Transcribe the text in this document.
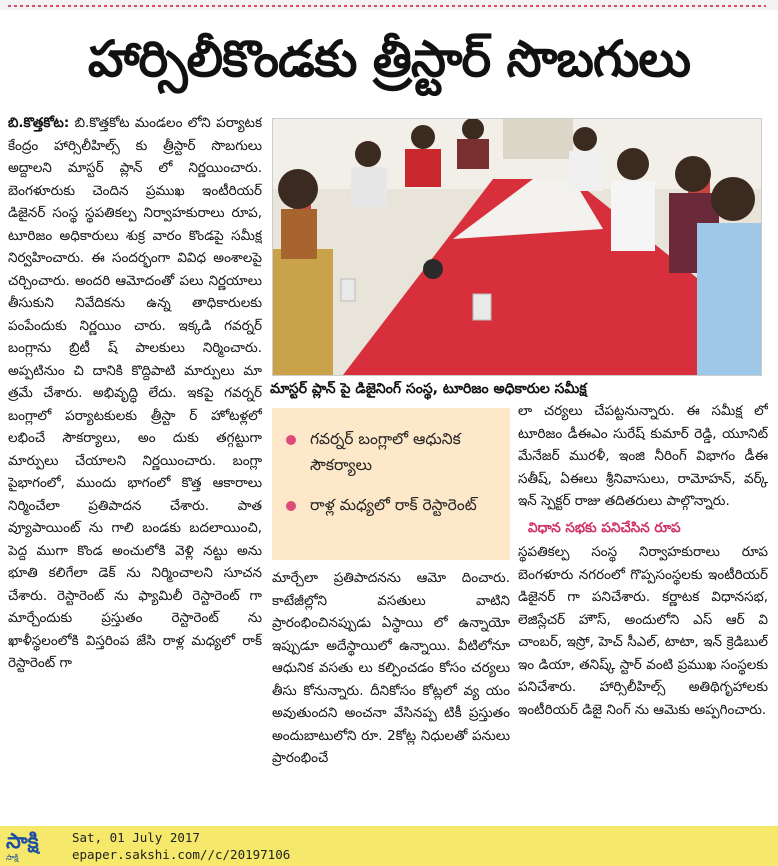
హార్సిలీకొండకు త్రీస్టార్ సొబగులు
బి.కొత్తకోట: బి.కొత్తకోట మండలం లోని పర్యాటక కేంద్రం హార్సిలీహిల్స్ కు త్రీస్టార్ సొబగులు అద్దాలని మాస్టర్ ప్లాన్ లో నిర్ణయించారు. బెంగళూరుకు చెందిన ప్రముఖ ఇంటీరియర్ డిజైనర్ సంస్థ స్థపతికల్ప నిర్వాహకురాలు రూప, టూరిజం అధికారులు శుక్ర వారం కొండపై సమీక్ష నిర్వహించారు. ఈ సందర్భంగా వివిధ అంశాలపై చర్చించారు. అందరి ఆమోదంతో పలు నిర్ణయాలు తీసుకుని నివేదికను ఉన్న తాధికారులకు పంపేందుకు నిర్ణయిం చారు. ఇక్కడి గవర్నర్ బంగ్లాను బ్రిటీ ష్ పాలకులు నిర్మించారు. అప్పటినుం చి దానికి కొద్దిపాటి మార్పులు మా త్రమే చేశారు. అభివృద్ధి లేదు. ఇకపై గవర్నర్ బంగ్లాలో పర్యాటకులకు త్రీస్టా ర్ హోటళ్లలో లభించే సౌకర్యాలు, అం దుకు తగ్గట్టుగా మార్పులు చేయాలని నిర్ణయించారు. బంగ్లా పైభాగంలో, ముందు భాగంలో కొత్త ఆకారాలు నిర్మించేలా ప్రతిపాదన చేశారు. పాత వ్యూపాయింట్ ను గాలి బండకు బదలాయించి, పెద్ద ముగా కొండ అంచులోకి వెళ్లి నట్టు అను భూతి కలిగేలా డెక్ ను నిర్మించాలని సూచన చేశారు. రెస్టారెంట్ ను ఫ్యామిలీ రెస్టారెంట్ గా మార్చేందుకు ప్రస్తుతం రెస్టారెంట్ ను ఖాళీస్థలంలోకి విస్తరింప జేసి రాళ్ల మధ్యలో రాక్ రెస్టారెంట్ గా
మాస్టర్ ప్లాన్ పై డిజైనింగ్ సంస్థ, టూరిజం అధికారుల సమీక్ష
గవర్నర్ బంగ్లాలో ఆధునిక సౌకర్యాలు
రాళ్ల మధ్యలో రాక్ రెస్టారెంట్
మార్చేలా ప్రతిపాదనను ఆమో దించారు. కాటేజీల్లోని వసతులు వాటిని ప్రారంభించినప్పుడు ఏస్థాయి లో ఉన్నాయో ఇప్పుడూ అదేస్థాయిలో ఉన్నాయి. వీటిలోనూ ఆధునిక వసతు లు కల్పించడం కోసం చర్యలు తీసు కోనున్నారు. దీనికోసం కోట్లలో వ్య యం అవుతుందని అంచనా వేసినప్ప టికీ ప్రస్తుతం అందుబాటులోని రూ. 2కోట్ల నిధులతో పనులు ప్రారంభించే
లా చర్యలు చేపట్టనున్నారు. ఈ సమీక్ష లో టూరిజం డీఈఎం సురేష్ కుమార్ రెడ్డి, యూనిట్ మేనేజర్ మురళీ, ఇంజి నీరింగ్ విభాగం డీఈ సతీష్, ఏఈలు శ్రీనివాసులు, రామోహన్, వర్క్ ఇన్ స్పెక్టర్ రాజు తదితరులు పాల్గొన్నారు.
విధాన సభకు పనిచేసిన రూప
స్థపతికల్ప సంస్థ నిర్వాహకురాలు రూప బెంగళూరు నగరంలో గొప్పసంస్థలకు ఇంటీరియర్ డిజైనర్ గా పనిచేశారు. కర్ణాటక విధానసభ, లెజిస్లేచర్ హౌస్, అందులోని ఎస్ ఆర్ వి చాంబర్, ఇస్రో, హెచ్ సీఎల్, టాటా, ఇన్ క్రెడిబుల్ ఇం డియా, తనిష్క్ స్టార్ వంటి ప్రముఖ సంస్థలకు పనిచేశారు. హార్సిలీహిల్స్ అతిథిగృహాలకు ఇంటీరియర్ డిజై నింగ్ ను ఆమెకు అప్పగించారు.
సాక్షి
సాక్షి
Sat, 01 July 2017
epaper.sakshi.com//c/20197106
